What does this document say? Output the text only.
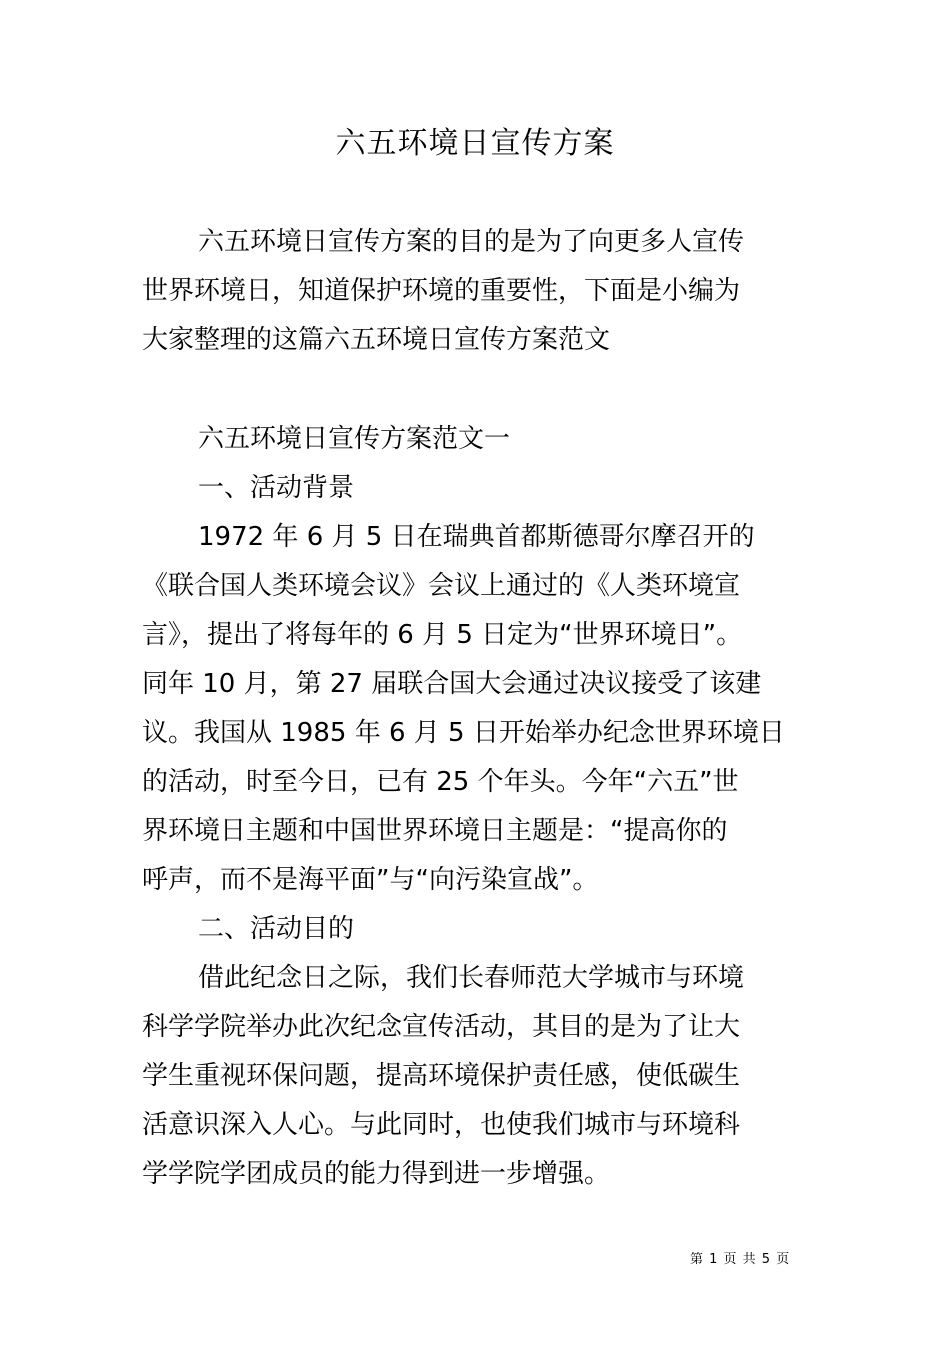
六五环境日宣传方案
六五环境日宣传方案的目的是为了向更多人宣传
世界环境日，知道保护环境的重要性，下面是小编为
大家整理的这篇六五环境日宣传方案范文
六五环境日宣传方案范文一
一、活动背景
1972 年 6 月 5 日在瑞典首都斯德哥尔摩召开的
《联合国人类环境会议》会议上通过的《人类环境宣
言》，提出了将每年的 6 月 5 日定为“世界环境日”。
同年 10 月，第 27 届联合国大会通过决议接受了该建
议。我国从 1985 年 6 月 5 日开始举办纪念世界环境日
的活动，时至今日，已有 25 个年头。今年“六五”世
界环境日主题和中国世界环境日主题是：“提高你的
呼声，而不是海平面”与“向污染宣战”。
二、活动目的
借此纪念日之际，我们长春师范大学城市与环境
科学学院举办此次纪念宣传活动，其目的是为了让大
学生重视环保问题，提高环境保护责任感，使低碳生
活意识深入人心。与此同时，也使我们城市与环境科
学学院学团成员的能力得到进一步增强。
第 1 页 共 5 页
